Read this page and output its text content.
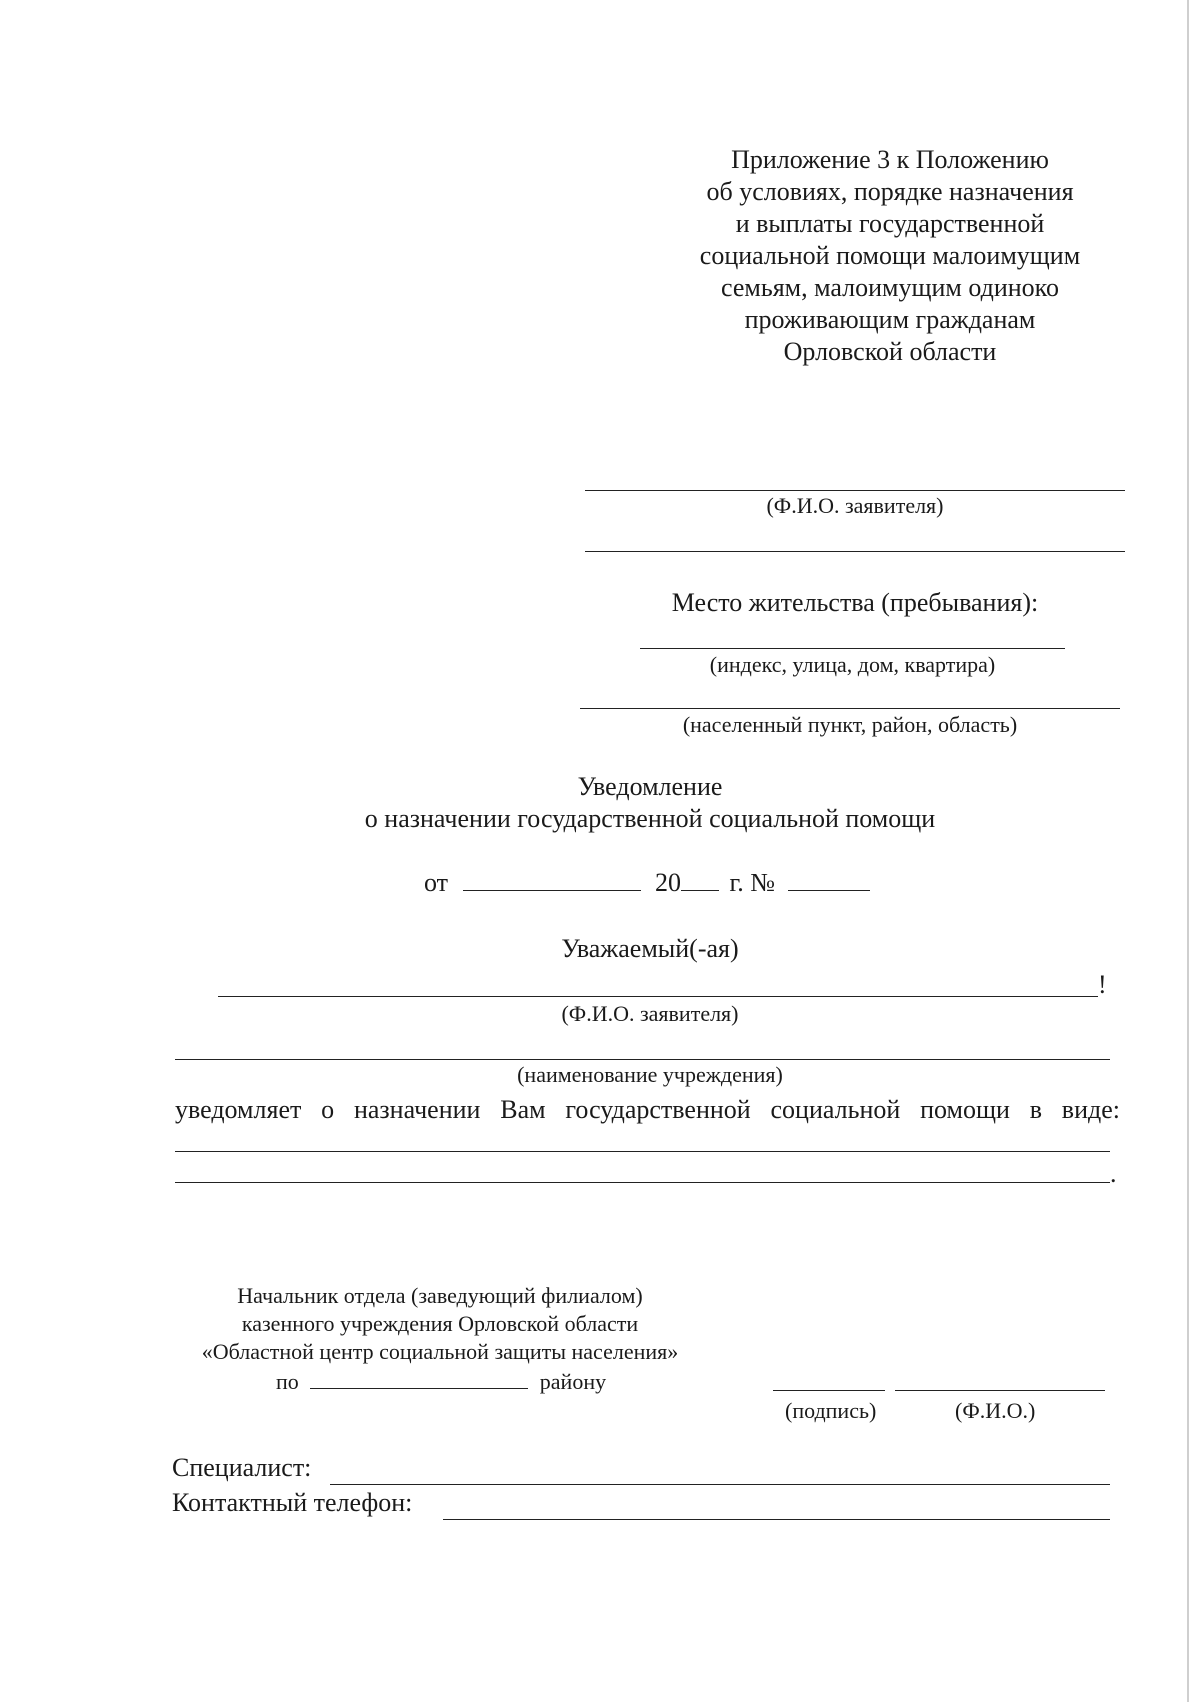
Приложение 3 к Положению
об условиях, порядке назначения
и выплаты государственной
социальной помощи малоимущим
семьям, малоимущим одиноко
проживающим гражданам
Орловской области
(Ф.И.О. заявителя)
Место жительства (пребывания):
(индекс, улица, дом, квартира)
(населенный пункт, район, область)
Уведомление
о назначении государственной социальной помощи
от	20 г. №
Уважаемый(-ая)
!
(Ф.И.О. заявителя)
(наименование учреждения)
уведомляет о назначении Вам государственной социальной помощи в виде:
.
Начальник отдела (заведующий филиалом)
казенного учреждения Орловской области
«Областной центр социальной защиты населения»
по	району
(подпись)	(Ф.И.О.)
Специалист:
Контактный телефон:
